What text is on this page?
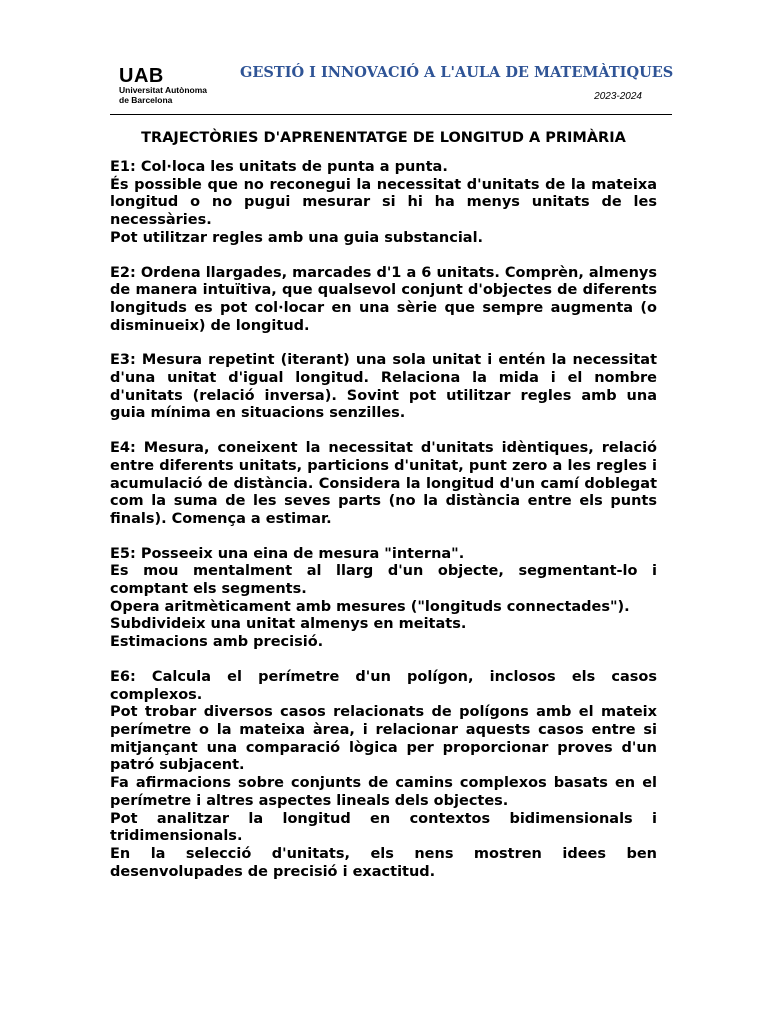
UAB

Universitat Autònoma

de Barcelona

GESTIÓ I INNOVACIÓ A L'AULA DE MATEMÀTIQUES

2023-2024

TRAJECTÒRIES D'APRENENTATGE DE LONGITUD A PRIMÀRIA

E1: Col·loca les unitats de punta a punta.

És possible que no reconegui la necessitat d'unitats de la mateixa longitud o no pugui mesurar si hi ha menys unitats de les necessàries.

Pot utilitzar regles amb una guia substancial.

E2: Ordena llargades, marcades d'1 a 6 unitats. Comprèn, almenys de manera intuïtiva, que qualsevol conjunt d'objectes de diferents longituds es pot col·locar en una sèrie que sempre augmenta (o disminueix) de longitud.

E3: Mesura repetint (iterant) una sola unitat i entén la necessitat d'una unitat d'igual longitud. Relaciona la mida i el nombre d'unitats (relació inversa). Sovint pot utilitzar regles amb una guia mínima en situacions senzilles.

E4: Mesura, coneixent la necessitat d'unitats idèntiques, relació entre diferents unitats, particions d'unitat, punt zero a les regles i acumulació de distància. Considera la longitud d'un camí doblegat com la suma de les seves parts (no la distància entre els punts finals). Comença a estimar.

E5: Posseeix una eina de mesura "interna".

Es mou mentalment al llarg d'un objecte, segmentant-lo i comptant els segments.

Opera aritmèticament amb mesures ("longituds connectades").

Subdivideix una unitat almenys en meitats.

Estimacions amb precisió.

E6: Calcula el perímetre d'un polígon, inclosos els casos complexos.

Pot trobar diversos casos relacionats de polígons amb el mateix perímetre o la mateixa àrea, i relacionar aquests casos entre si mitjançant una comparació lògica per proporcionar proves d'un patró subjacent.

Fa afirmacions sobre conjunts de camins complexos basats en el perímetre i altres aspectes lineals dels objectes.

Pot analitzar la longitud en contextos bidimensionals i tridimensionals.

En la selecció d'unitats, els nens mostren idees ben desenvolupades de precisió i exactitud.
